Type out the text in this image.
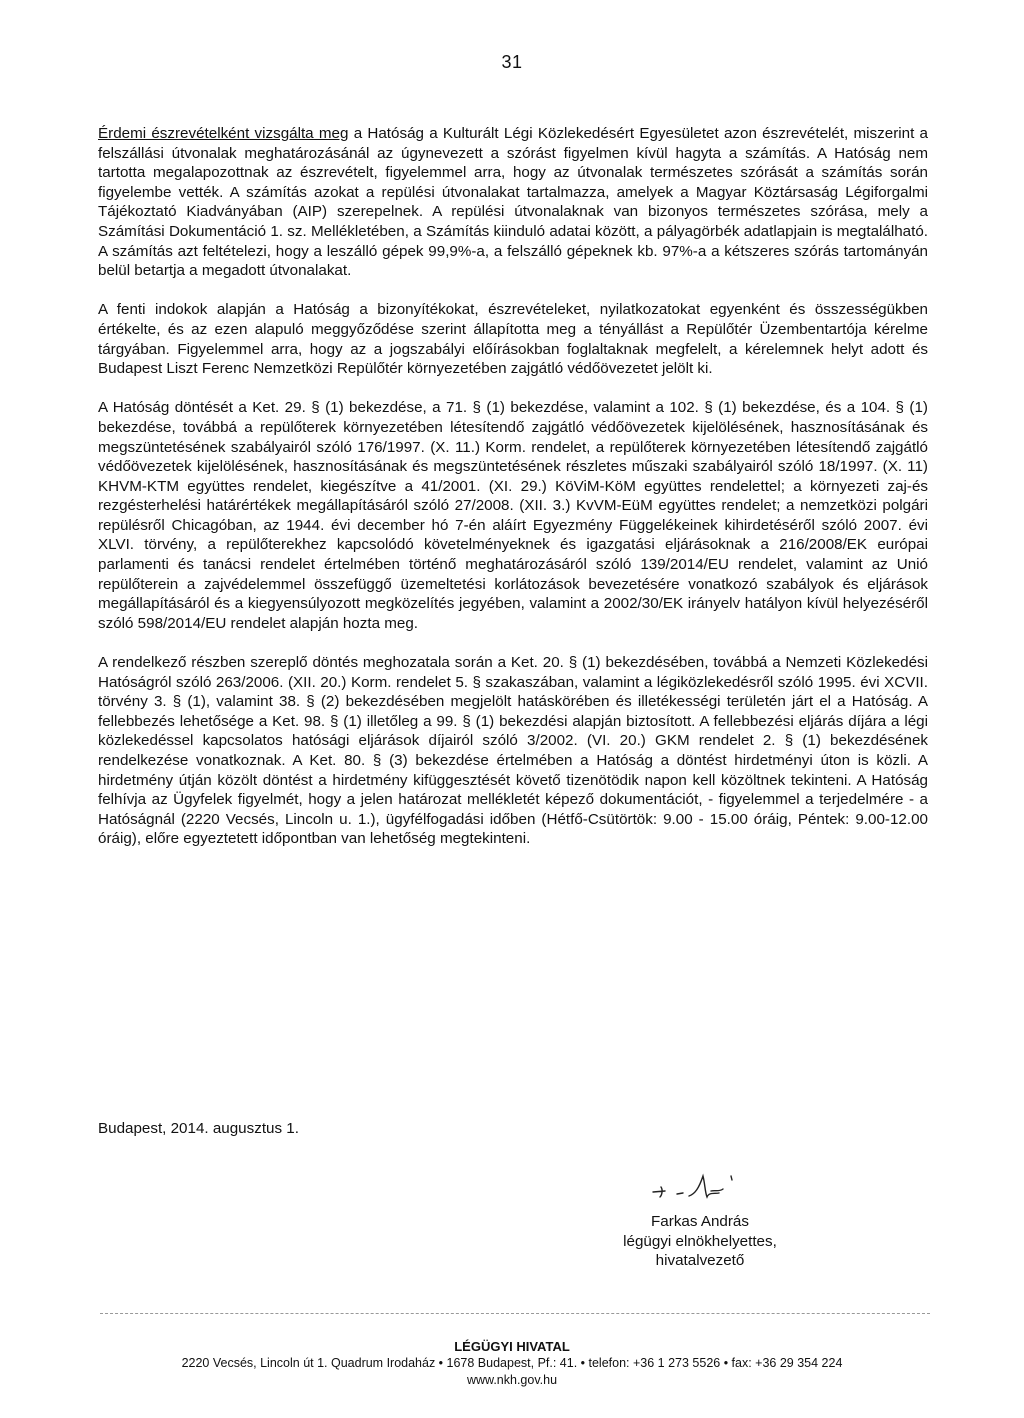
31

Érdemi észrevételként vizsgálta meg a Hatóság a Kulturált Légi Közlekedésért Egyesületet azon észrevételét, miszerint a felszállási útvonalak meghatározásánál az úgynevezett a szórást figyelmen kívül hagyta a számítás. A Hatóság nem tartotta megalapozottnak az észrevételt, figyelemmel arra, hogy az útvonalak természetes szórását a számítás során figyelembe vették. A számítás azokat a repülési útvonalakat tartalmazza, amelyek a Magyar Köztársaság Légiforgalmi Tájékoztató Kiadványában (AIP) szerepelnek. A repülési útvonalaknak van bizonyos természetes szórása, mely a Számítási Dokumentáció 1. sz. Mellékletében, a Számítás kiinduló adatai között, a pályagörbék adatlapjain is megtalálható. A számítás azt feltételezi, hogy a leszálló gépek 99,9%-a, a felszálló gépeknek kb. 97%-a a kétszeres szórás tartományán belül betartja a megadott útvonalakat.

A fenti indokok alapján a Hatóság a bizonyítékokat, észrevételeket, nyilatkozatokat egyenként és összességükben értékelte, és az ezen alapuló meggyőződése szerint állapította meg a tényállást a Repülőtér Üzembentartója kérelme tárgyában. Figyelemmel arra, hogy az a jogszabályi előírásokban foglaltaknak megfelelt, a kérelemnek helyt adott és Budapest Liszt Ferenc Nemzetközi Repülőtér környezetében zajgátló védőövezetet jelölt ki.

A Hatóság döntését a Ket. 29. § (1) bekezdése, a 71. § (1) bekezdése, valamint a 102. § (1) bekezdése, és a 104. § (1) bekezdése, továbbá a repülőterek környezetében létesítendő zajgátló védőövezetek kijelölésének, hasznosításának és megszüntetésének szabályairól szóló 176/1997. (X. 11.) Korm. rendelet, a repülőterek környezetében létesítendő zajgátló védőövezetek kijelölésének, hasznosításának és megszüntetésének részletes műszaki szabályairól szóló 18/1997. (X. 11) KHVM-KTM együttes rendelet, kiegészítve a 41/2001. (XI. 29.) KöViM-KöM együttes rendelettel; a környezeti zaj-és rezgésterhelési határértékek megállapításáról szóló 27/2008. (XII. 3.) KvVM-EüM együttes rendelet; a nemzetközi polgári repülésről Chicagóban, az 1944. évi december hó 7-én aláírt Egyezmény Függelékeinek kihirdetéséről szóló 2007. évi XLVI. törvény, a repülőterekhez kapcsolódó követelményeknek és igazgatási eljárásoknak a 216/2008/EK európai parlamenti és tanácsi rendelet értelmében történő meghatározásáról szóló 139/2014/EU rendelet, valamint az Unió repülőterein a zajvédelemmel összefüggő üzemeltetési korlátozások bevezetésére vonatkozó szabályok és eljárások megállapításáról és a kiegyensúlyozott megközelítés jegyében, valamint a 2002/30/EK irányelv hatályon kívül helyezéséről szóló 598/2014/EU rendelet alapján hozta meg.

A rendelkező részben szereplő döntés meghozatala során a Ket. 20. § (1) bekezdésében, továbbá a Nemzeti Közlekedési Hatóságról szóló 263/2006. (XII. 20.) Korm. rendelet 5. § szakaszában, valamint a légiközlekedésről szóló 1995. évi XCVII. törvény 3. § (1), valamint 38. § (2) bekezdésében megjelölt hatáskörében és illetékességi területén járt el a Hatóság. A fellebbezés lehetősége a Ket. 98. § (1) illetőleg a 99. § (1) bekezdési alapján biztosított. A fellebbezési eljárás díjára a légi közlekedéssel kapcsolatos hatósági eljárások díjairól szóló 3/2002. (VI. 20.) GKM rendelet 2. § (1) bekezdésének rendelkezése vonatkoznak. A Ket. 80. § (3) bekezdése értelmében a Hatóság a döntést hirdetményi úton is közli. A hirdetmény útján közölt döntést a hirdetmény kifüggesztését követő tizenötödik napon kell közöltnek tekinteni. A Hatóság felhívja az Ügyfelek figyelmét, hogy a jelen határozat mellékletét képező dokumentációt, - figyelemmel a terjedelmére - a Hatóságnál (2220 Vecsés, Lincoln u. 1.), ügyfélfogadási időben (Hétfő-Csütörtök: 9.00 - 15.00 óráig, Péntek: 9.00-12.00 óráig), előre egyeztetett időpontban van lehetőség megtekinteni.

Budapest, 2014. augusztus 1.
Farkas András
légügyi elnökhelyettes,
hivatalvezető
LÉGÜGYI HIVATAL
2220 Vecsés, Lincoln út 1. Quadrum Irodaház • 1678 Budapest, Pf.: 41. • telefon: +36 1 273 5526 • fax: +36 29 354 224
www.nkh.gov.hu
